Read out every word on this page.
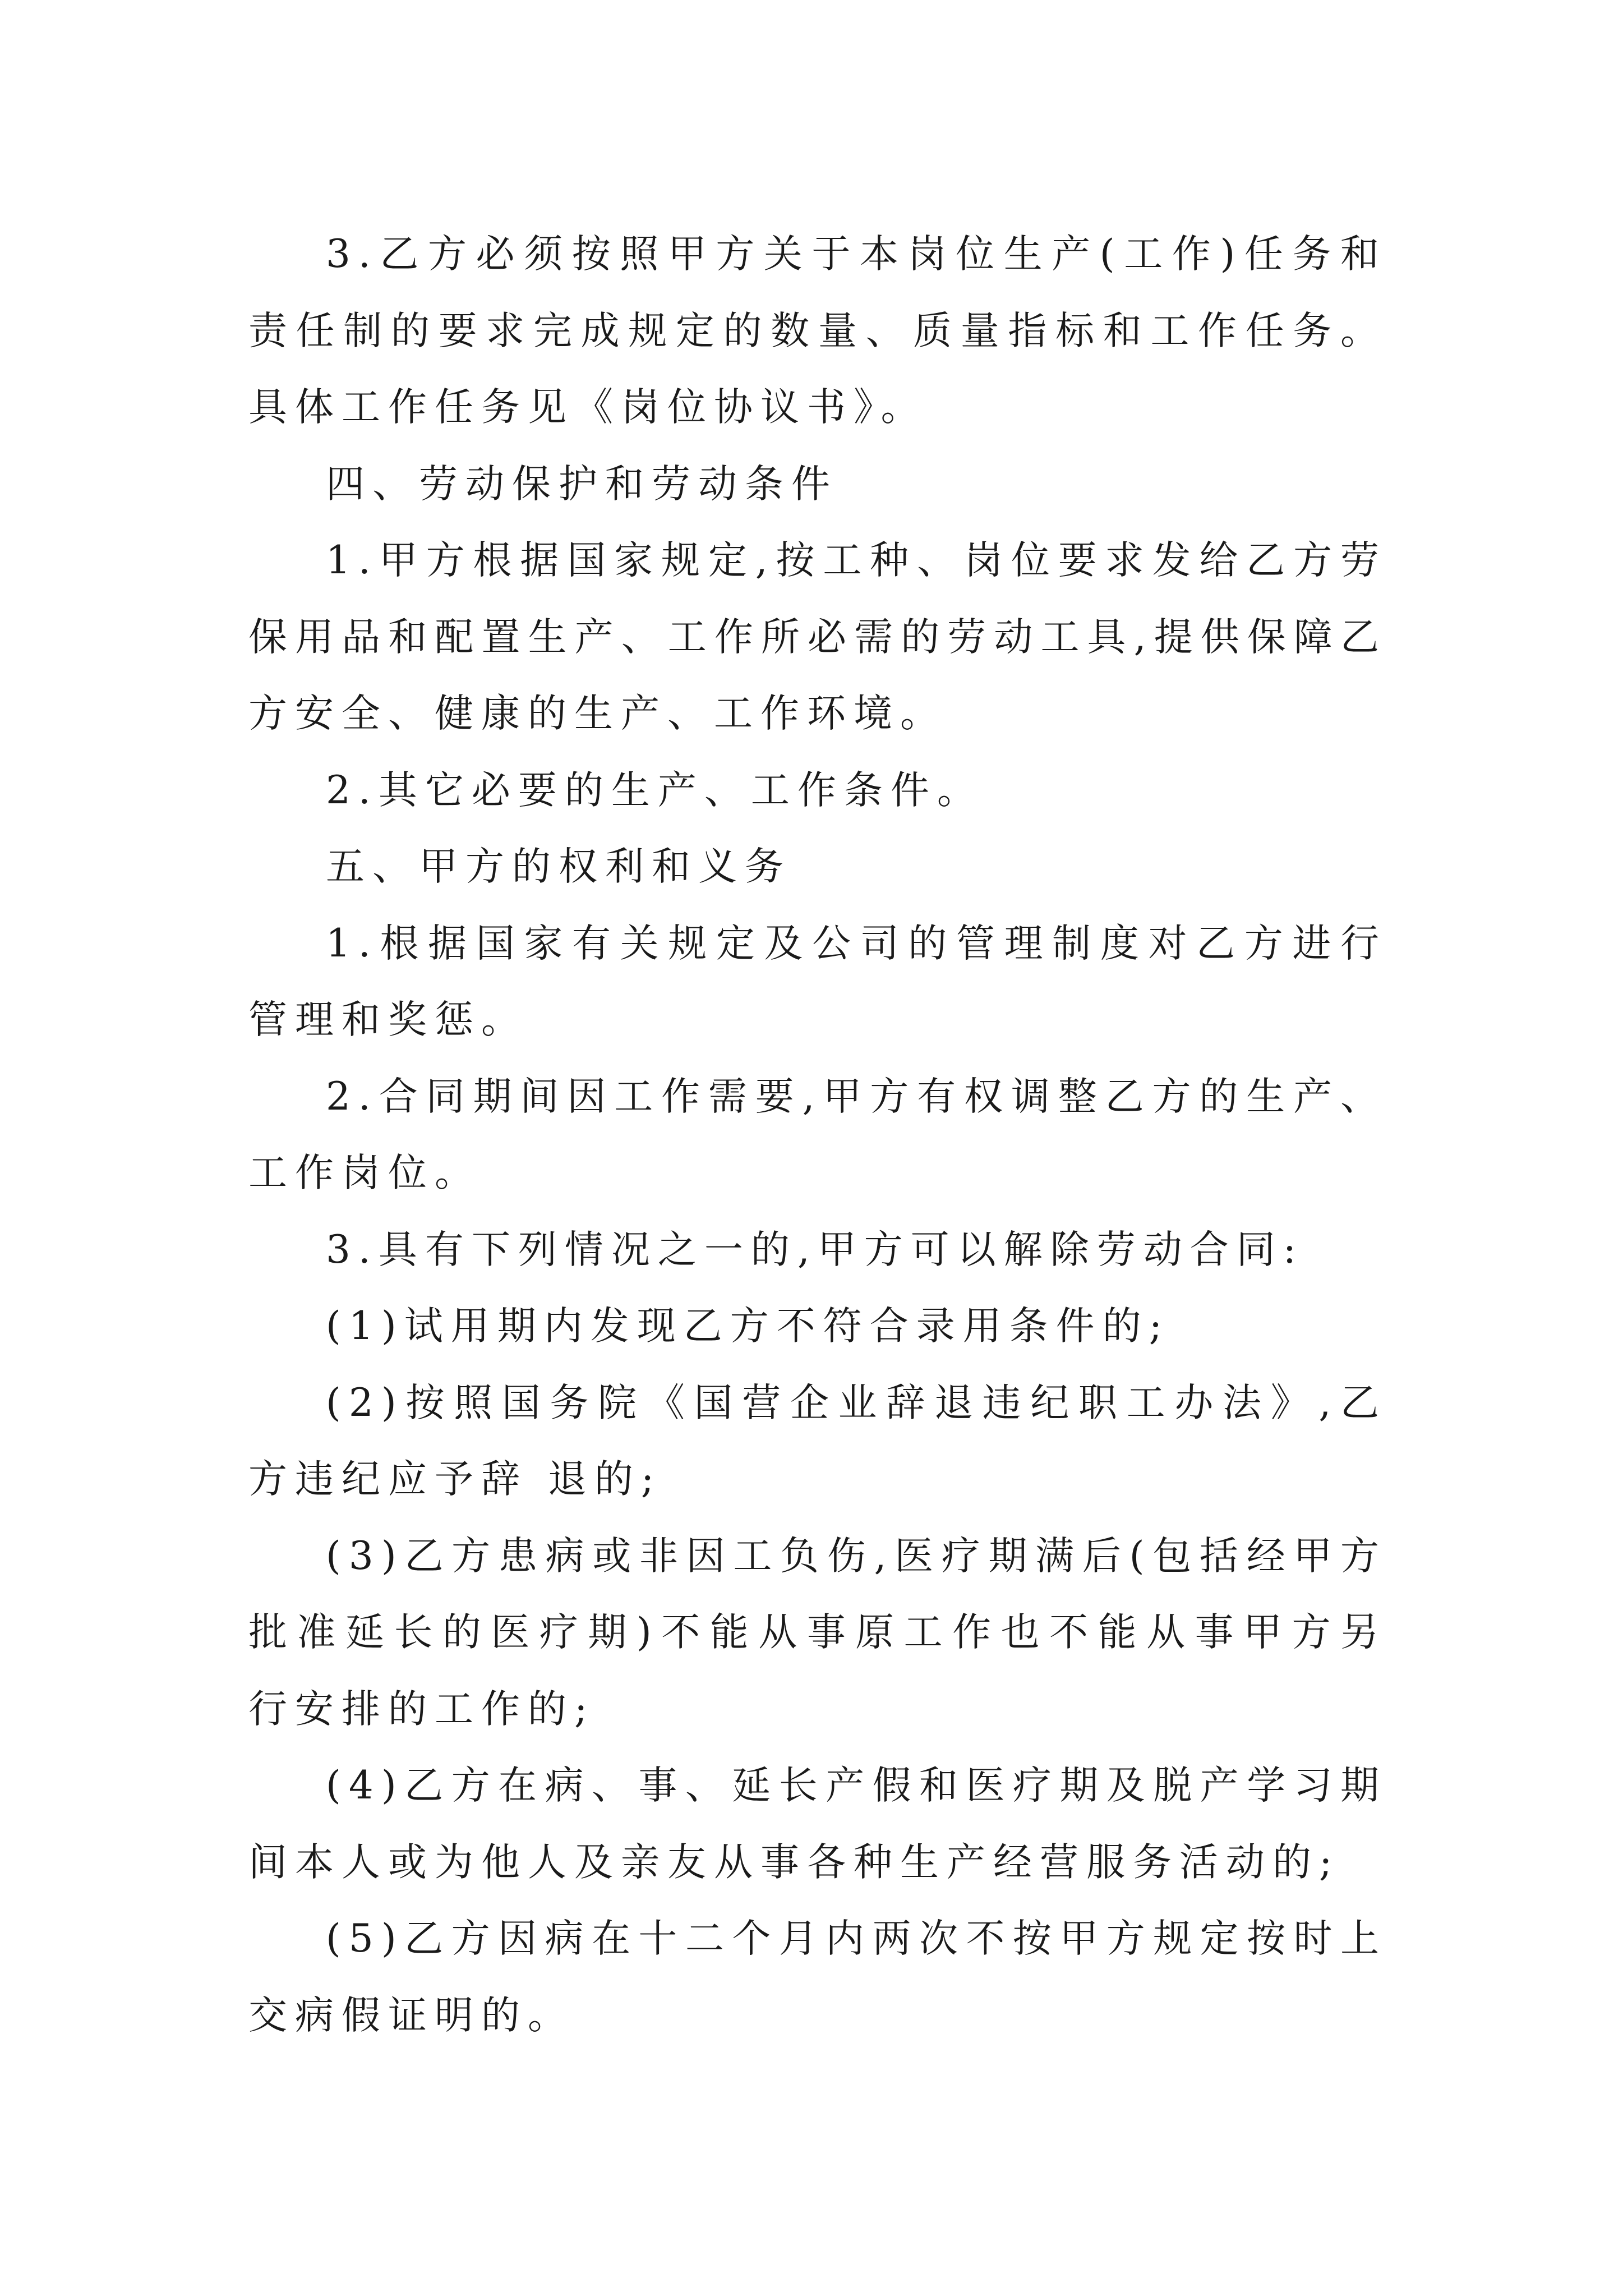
3.乙方必须按照甲方关于本岗位生产(工作)任务和责任制的要求完成规定的数量、质量指标和工作任务。具体工作任务见《岗位协议书》。

四、劳动保护和劳动条件

1.甲方根据国家规定,按工种、岗位要求发给乙方劳保用品和配置生产、工作所必需的劳动工具,提供保障乙方安全、健康的生产、工作环境。

2.其它必要的生产、工作条件。

五、甲方的权利和义务

1.根据国家有关规定及公司的管理制度对乙方进行管理和奖惩。

2.合同期间因工作需要,甲方有权调整乙方的生产、工作岗位。

3.具有下列情况之一的,甲方可以解除劳动合同:

(1)试用期内发现乙方不符合录用条件的;

(2)按照国务院《国营企业辞退违纪职工办法》,乙方违纪应予辞 退的;

(3)乙方患病或非因工负伤,医疗期满后(包括经甲方批准延长的医疗期)不能从事原工作也不能从事甲方另行安排的工作的;

(4)乙方在病、事、延长产假和医疗期及脱产学习期间本人或为他人及亲友从事各种生产经营服务活动的;

(5)乙方因病在十二个月内两次不按甲方规定按时上交病假证明的。
